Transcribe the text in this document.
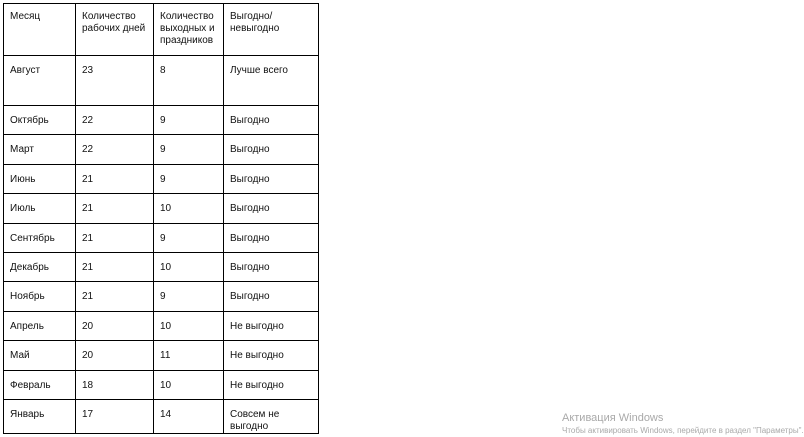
Месяц	Количество рабочих дней	Количество выходных и праздников	Выгодно/невыгодно
Август	23	8	Лучше всего
Октябрь	22	9	Выгодно
Март	22	9	Выгодно
Июнь	21	9	Выгодно
Июль	21	10	Выгодно
Сентябрь	21	9	Выгодно
Декабрь	21	10	Выгодно
Ноябрь	21	9	Выгодно
Апрель	20	10	Не выгодно
Май	20	11	Не выгодно
Февраль	18	10	Не выгодно
Январь	17	14	Совсем не выгодно
Активация Windows
Чтобы активировать Windows, перейдите в раздел "Параметры".
